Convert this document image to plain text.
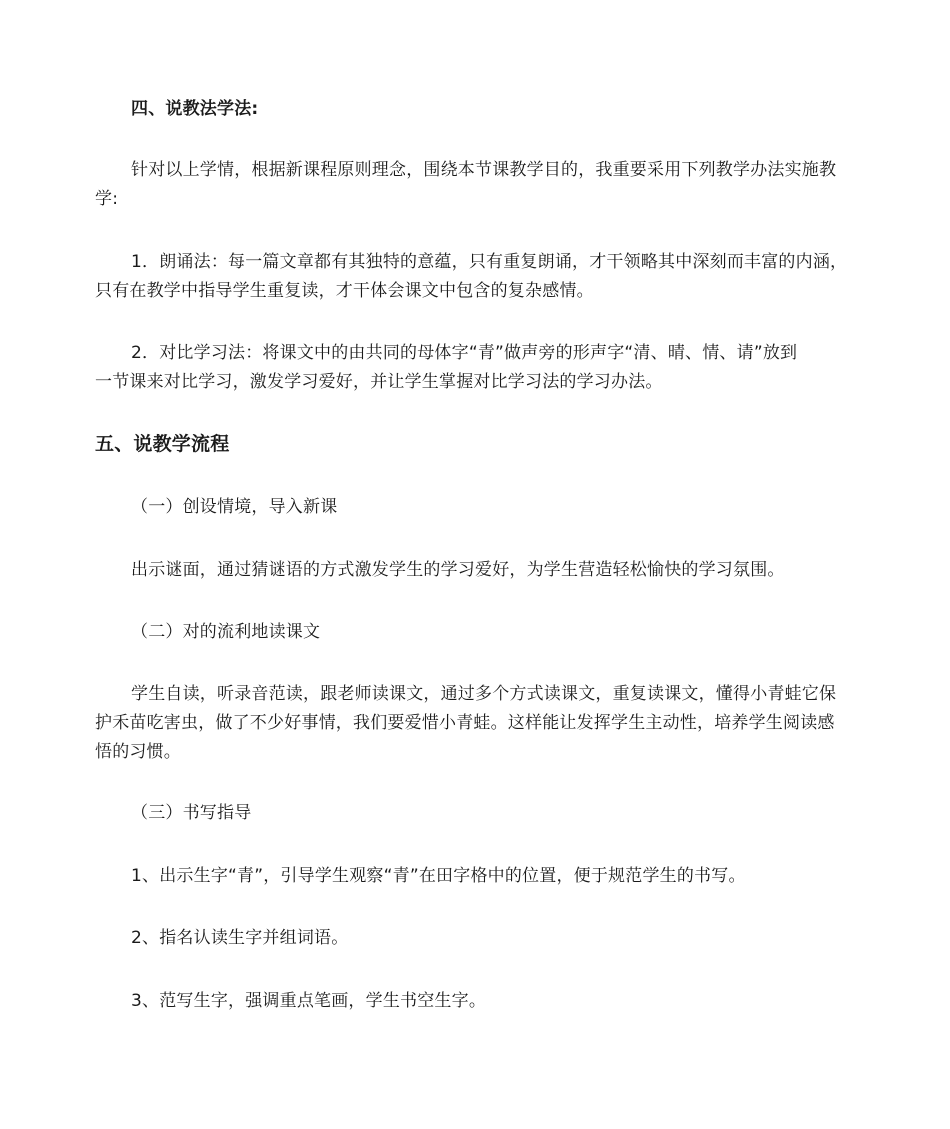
四、说教法学法:
针对以上学情，根据新课程原则理念，围绕本节课教学目的，我重要采用下列教学办法实施教
学:
1．朗诵法：每一篇文章都有其独特的意蕴，只有重复朗诵，才干领略其中深刻而丰富的内涵，
只有在教学中指导学生重复读，才干体会课文中包含的复杂感情。
2．对比学习法：将课文中的由共同的母体字“青”做声旁的形声字“清、晴、情、请”放到
一节课来对比学习，激发学习爱好，并让学生掌握对比学习法的学习办法。
五、说教学流程
（一）创设情境，导入新课
出示谜面，通过猜谜语的方式激发学生的学习爱好，为学生营造轻松愉快的学习氛围。
（二）对的流利地读课文
学生自读，听录音范读，跟老师读课文，通过多个方式读课文，重复读课文，懂得小青蛙它保
护禾苗吃害虫，做了不少好事情，我们要爱惜小青蛙。这样能让发挥学生主动性，培养学生阅读感
悟的习惯。
（三）书写指导
1、出示生字“青”，引导学生观察“青”在田字格中的位置，便于规范学生的书写。
2、指名认读生字并组词语。
3、范写生字，强调重点笔画，学生书空生字。
